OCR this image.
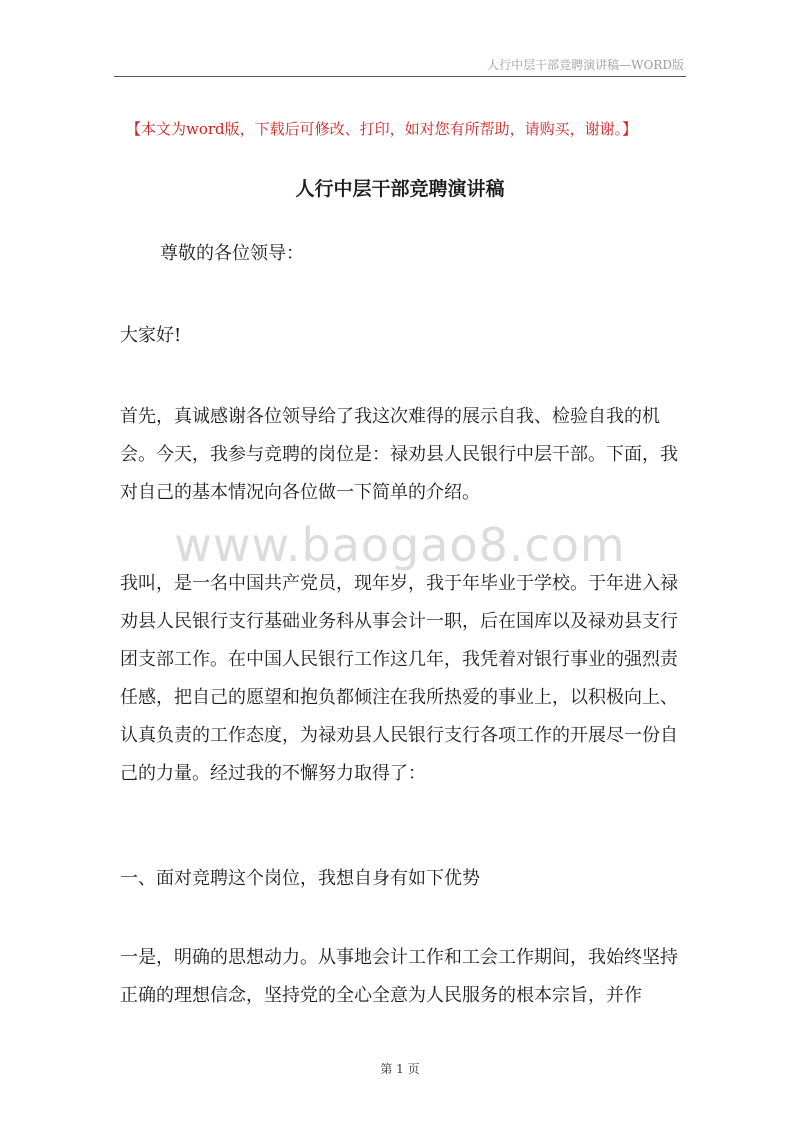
人行中层干部竞聘演讲稿—WORD版
【本文为word版，下载后可修改、打印，如对您有所帮助，请购买，谢谢。】
人行中层干部竞聘演讲稿

尊敬的各位领导：

大家好!

首先，真诚感谢各位领导给了我这次难得的展示自我、检验自我的机会。今天，我参与竞聘的岗位是：禄劝县人民银行中层干部。下面，我对自己的基本情况向各位做一下简单的介绍。

www.baogao8.com

我叫，是一名中国共产党员，现年岁，我于年毕业于学校。于年进入禄劝县人民银行支行基础业务科从事会计一职，后在国库以及禄劝县支行团支部工作。在中国人民银行工作这几年，我凭着对银行事业的强烈责任感，把自己的愿望和抱负都倾注在我所热爱的事业上，以积极向上、认真负责的工作态度，为禄劝县人民银行支行各项工作的开展尽一份自己的力量。经过我的不懈努力取得了：

一、面对竞聘这个岗位，我想自身有如下优势

一是，明确的思想动力。从事地会计工作和工会工作期间，我始终坚持正确的理想信念，坚持党的全心全意为人民服务的根本宗旨，并作

第 1 页
